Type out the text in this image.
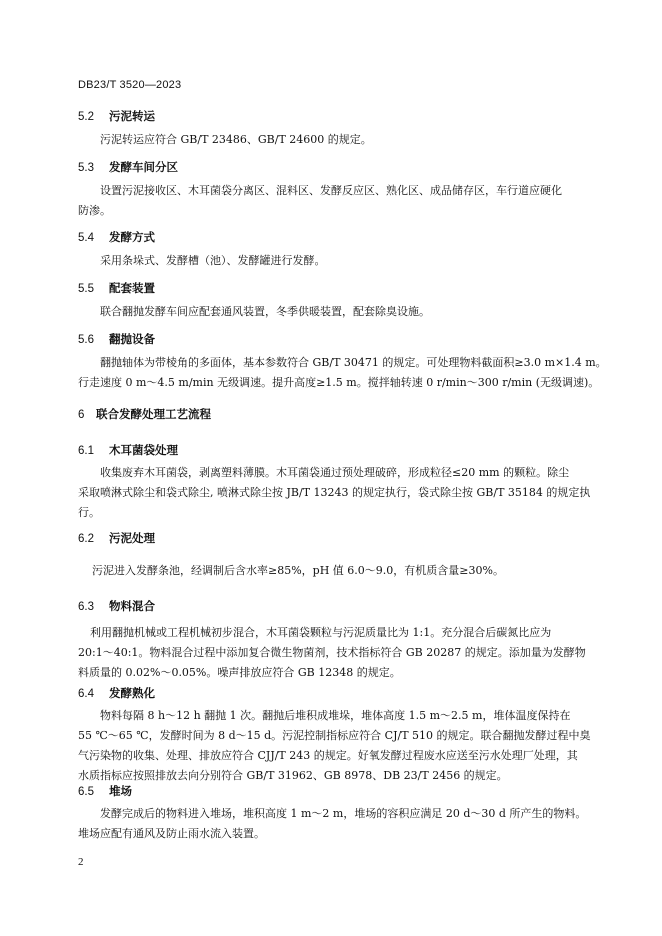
DB23/T 3520—2023
5.2 污泥转运
污泥转运应符合 GB/T 23486、GB/T 24600 的规定。
5.3 发酵车间分区
设置污泥接收区、木耳菌袋分离区、混料区、发酵反应区、熟化区、成品储存区，车行道应硬化
防渗。
5.4 发酵方式
采用条垛式、发酵槽（池）、发酵罐进行发酵。
5.5 配套装置
联合翻抛发酵车间应配套通风装置，冬季供暖装置，配套除臭设施。
5.6 翻抛设备
翻抛轴体为带棱角的多面体，基本参数符合 GB/T 30471 的规定。可处理物料截面积≥3.0 m×1.4 m。
行走速度 0 m～4.5 m/min 无级调速。提升高度≥1.5 m。搅拌轴转速 0 r/min～300 r/min (无级调速)。
6 联合发酵处理工艺流程
6.1 木耳菌袋处理
收集废弃木耳菌袋，剥离塑料薄膜。木耳菌袋通过预处理破碎，形成粒径≤20 mm 的颗粒。除尘
采取喷淋式除尘和袋式除尘, 喷淋式除尘按 JB/T 13243 的规定执行，袋式除尘按 GB/T 35184 的规定执
行。
6.2 污泥处理
污泥进入发酵条池，经调制后含水率≥85%，pH 值 6.0～9.0，有机质含量≥30%。
6.3 物料混合
利用翻抛机械或工程机械初步混合，木耳菌袋颗粒与污泥质量比为 1:1。充分混合后碳氮比应为
20:1～40:1。物料混合过程中添加复合微生物菌剂，技术指标符合 GB 20287 的规定。添加量为发酵物
料质量的 0.02%～0.05%。噪声排放应符合 GB 12348 的规定。
6.4 发酵熟化
物料每隔 8 h～12 h 翻抛 1 次。翻抛后堆积成堆垛，堆体高度 1.5 m～2.5 m，堆体温度保持在
55 ℃～65 ℃，发酵时间为 8 d～15 d。污泥控制指标应符合 CJ/T 510 的规定。联合翻抛发酵过程中臭
气污染物的收集、处理、排放应符合 CJJ/T 243 的规定。好氧发酵过程废水应送至污水处理厂处理，其
水质指标应按照排放去向分别符合 GB/T 31962、GB 8978、DB 23/T 2456 的规定。
6.5 堆场
发酵完成后的物料进入堆场，堆积高度 1 m～2 m，堆场的容积应满足 20 d～30 d 所产生的物料。
堆场应配有通风及防止雨水流入装置。
2
